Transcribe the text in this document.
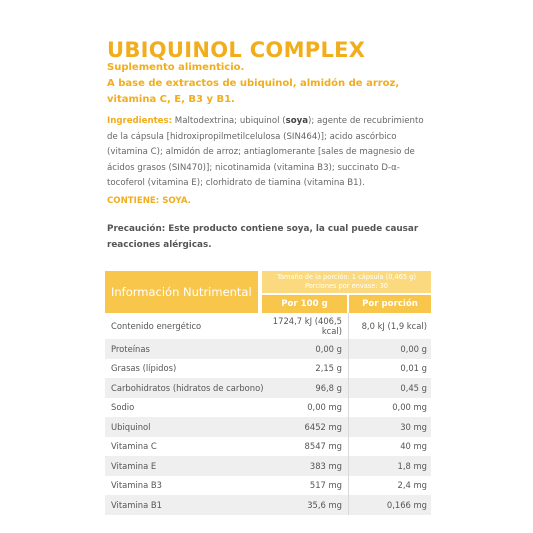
UBIQUINOL COMPLEX
Suplemento alimenticio.
A base de extractos de ubiquinol, almidón de arroz,
vitamina C, E, B3 y B1.
Ingredientes: Maltodextrina; ubiquinol (soya); agente de recubrimiento de la cápsula [hidroxipropilmetilcelulosa (SIN464)]; acido ascórbico (vitamina C); almidón de arroz; antiaglomerante [sales de magnesio de ácidos grasos (SIN470)]; nicotinamida (vitamina B3); succinato D-α-tocoferol (vitamina E); clorhidrato de tiamina (vitamina B1).
CONTIENE: SOYA.
Precaución: Este producto contiene soya, la cual puede causar reacciones alérgicas.
Información Nutrimental
Tamaño de la porción: 1 cápsula (0,465 g)
Porciones por envase: 30
Por 100 g	Por porción
Contenido energético	1724,7 kJ (406,5 kcal)	8,0 kJ (1,9 kcal)
Proteínas	0,00 g	0,00 g
Grasas (lípidos)	2,15 g	0,01 g
Carbohidratos (hidratos de carbono)	96,8 g	0,45 g
Sodio	0,00 mg	0,00 mg
Ubiquinol	6452 mg	30 mg
Vitamina C	8547 mg	40 mg
Vitamina E	383 mg	1,8 mg
Vitamina B3	517 mg	2,4 mg
Vitamina B1	35,6 mg	0,166 mg
